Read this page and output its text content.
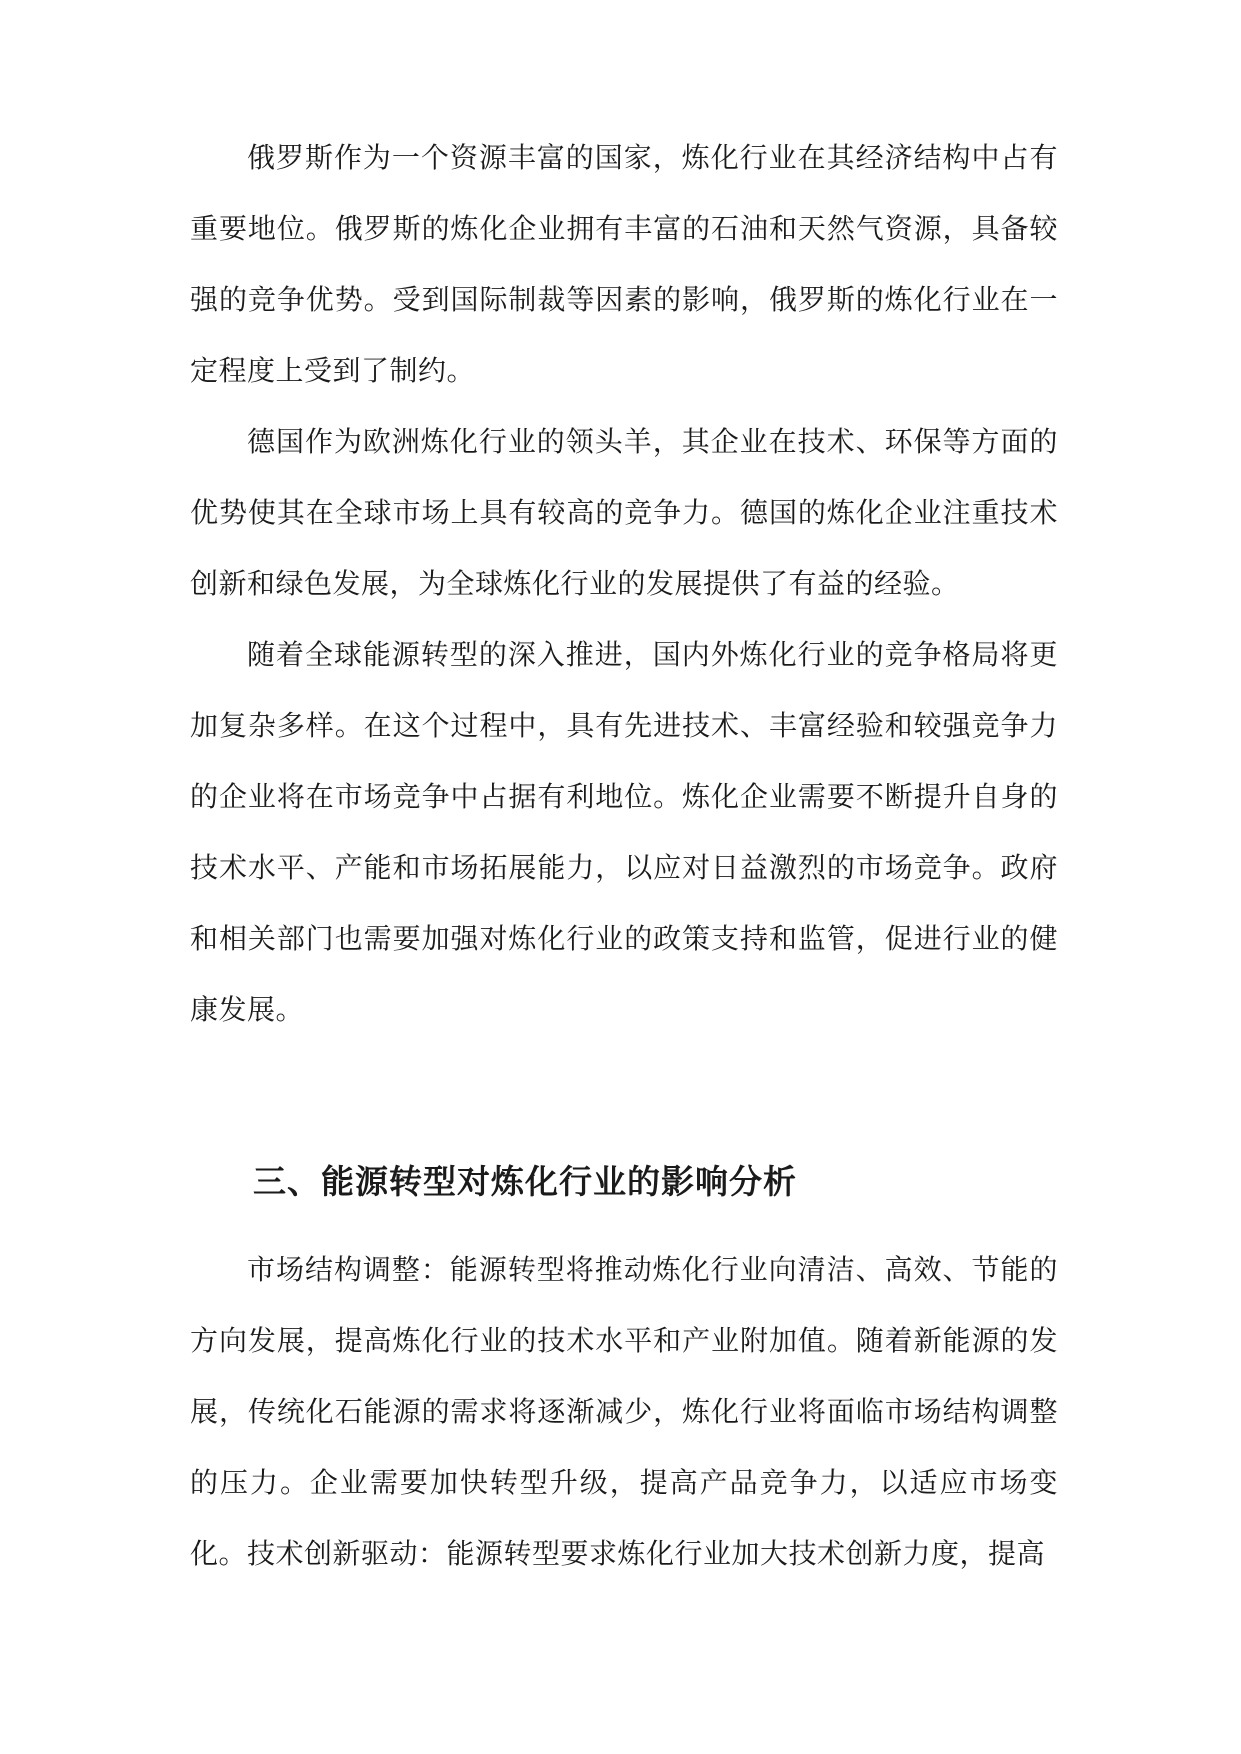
俄罗斯作为一个资源丰富的国家，炼化行业在其经济结构中占有重要地位。俄罗斯的炼化企业拥有丰富的石油和天然气资源，具备较强的竞争优势。受到国际制裁等因素的影响，俄罗斯的炼化行业在一定程度上受到了制约。

德国作为欧洲炼化行业的领头羊，其企业在技术、环保等方面的优势使其在全球市场上具有较高的竞争力。德国的炼化企业注重技术创新和绿色发展，为全球炼化行业的发展提供了有益的经验。

随着全球能源转型的深入推进，国内外炼化行业的竞争格局将更加复杂多样。在这个过程中，具有先进技术、丰富经验和较强竞争力的企业将在市场竞争中占据有利地位。炼化企业需要不断提升自身的技术水平、产能和市场拓展能力，以应对日益激烈的市场竞争。政府和相关部门也需要加强对炼化行业的政策支持和监管，促进行业的健康发展。

三、能源转型对炼化行业的影响分析

市场结构调整：能源转型将推动炼化行业向清洁、高效、节能的方向发展，提高炼化行业的技术水平和产业附加值。随着新能源的发展，传统化石能源的需求将逐渐减少，炼化行业将面临市场结构调整的压力。企业需要加快转型升级，提高产品竞争力，以适应市场变化。 技术创新驱动：能源转型要求炼化行业加大技术创新力度，提高
